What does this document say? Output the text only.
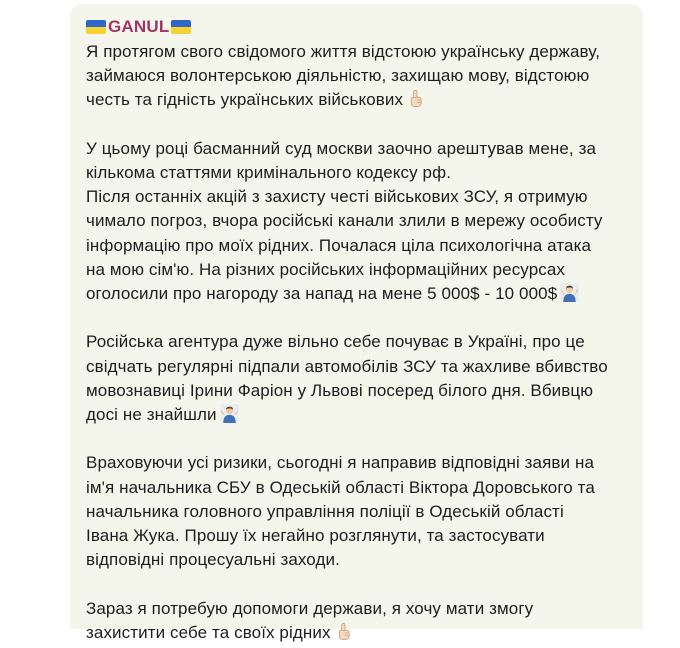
GANUL
Я протягом свого свідомого життя відстоюю українську державу,
займаюся волонтерською діяльністю, захищаю мову, відстоюю
честь та гідність українських військових
У цьому році басманний суд москви заочно арештував мене, за
кількома статтями кримінального кодексу рф.
Після останніх акцій з захисту честі військових ЗСУ, я отримую
чимало погроз, вчора російські канали злили в мережу особисту
інформацію про моїх рідних. Почалася ціла психологічна атака
на мою сім'ю. На різних російських інформаційних ресурсах
оголосили про нагороду за напад на мене 5 000$ - 10 000$
Російська агентура дуже вільно себе почуває в Україні, про це
свідчать регулярні підпали автомобілів ЗСУ та жахливе вбивство
мовознавиці Ірини Фаріон у Львові посеред білого дня. Вбивцю
досі не знайшли
Враховуючи усі ризики, сьогодні я направив відповідні заяви на
ім'я начальника СБУ в Одеській області Віктора Доровського та
начальника головного управління поліції в Одеській області
Івана Жука. Прошу їх негайно розглянути, та застосувати
відповідні процесуальні заходи.
Зараз я потребую допомоги держави, я хочу мати змогу
захистити себе та своїх рідних
